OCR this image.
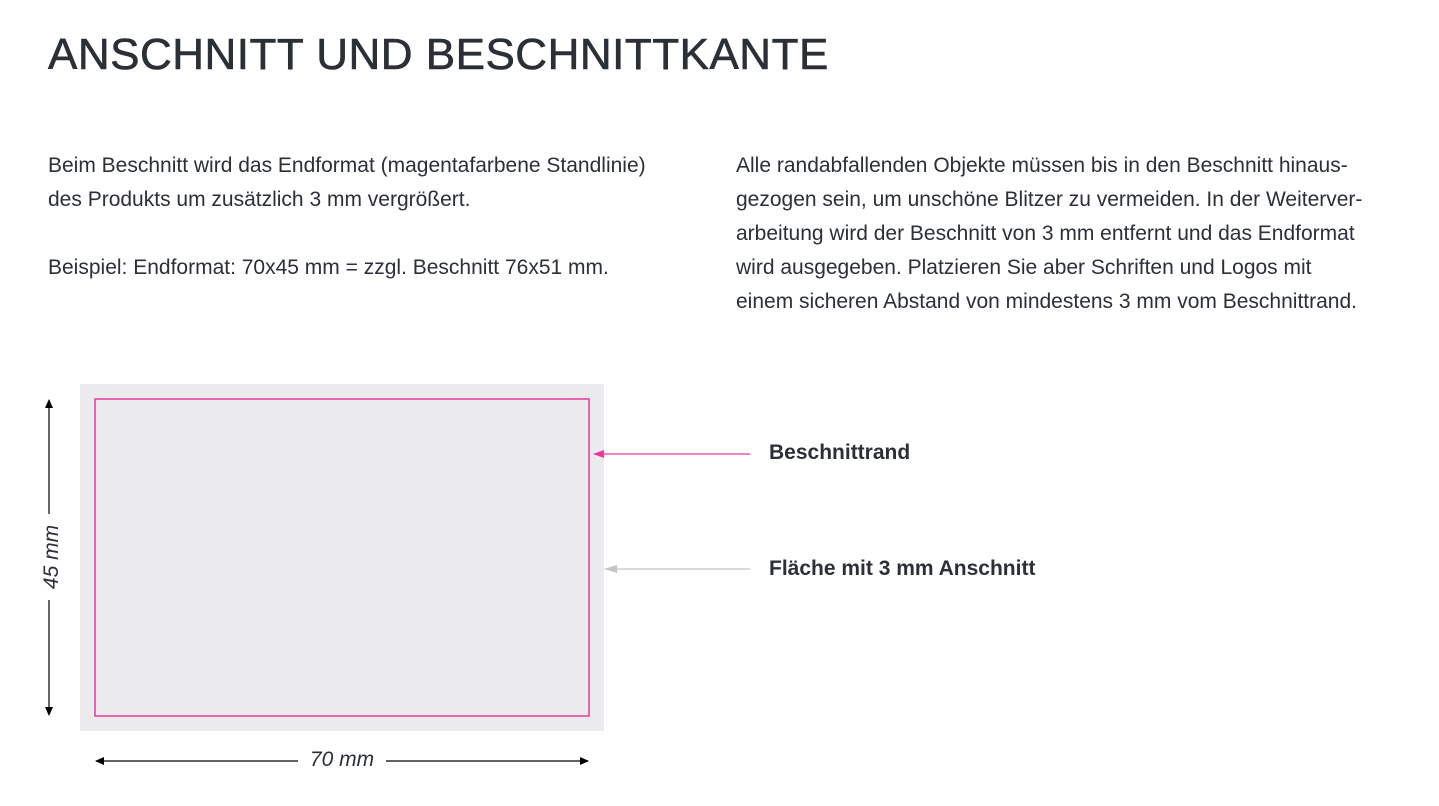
ANSCHNITT UND BESCHNITTKANTE

Beim Beschnitt wird das Endformat (magentafarbene Standlinie)

des Produkts um zusätzlich 3 mm vergrößert.

Beispiel: Endformat: 70x45 mm = zzgl. Beschnitt 76x51 mm.

Alle randabfallenden Objekte müssen bis in den Beschnitt hinaus-

gezogen sein, um unschöne Blitzer zu vermeiden. In der Weiterver-

arbeitung wird der Beschnitt von 3 mm entfernt und das Endformat

wird ausgegeben. Platzieren Sie aber Schriften und Logos mit

einem sicheren Abstand von mindestens 3 mm vom Beschnittrand.

Beschnittrand
Fläche mit 3 mm Anschnitt
70 mm
45 mm
